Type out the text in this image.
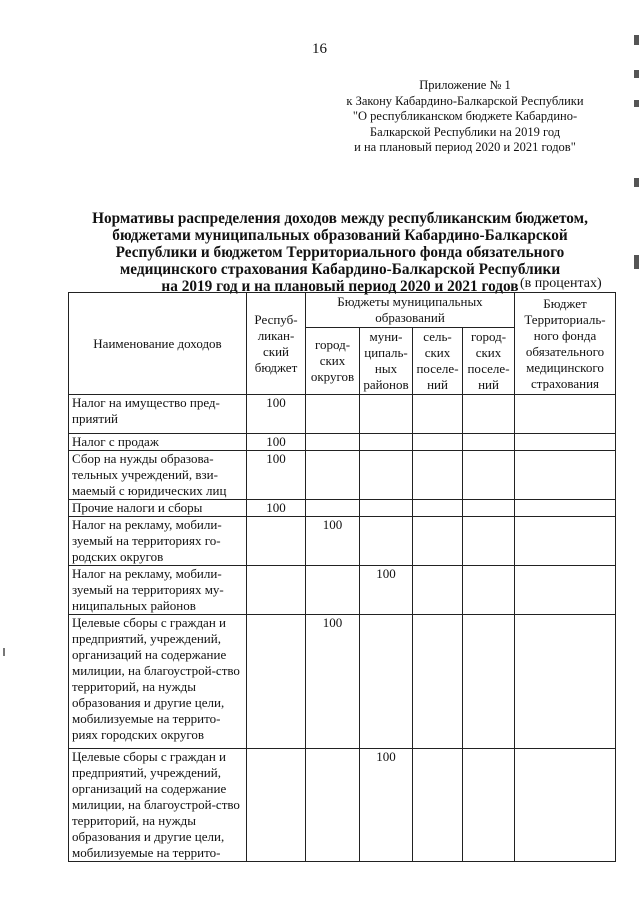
16
Приложение № 1
к Закону Кабардино-Балкарской Республики
"О республиканском бюджете Кабардино-
Балкарской Республики на 2019 год
и на плановый период 2020 и 2021 годов"
Нормативы распределения доходов между республиканским бюджетом,
бюджетами муниципальных образований Кабардино-Балкарской
Республики и бюджетом Территориального фонда обязательного
медицинского страхования Кабардино-Балкарской Республики
на 2019 год и на плановый период 2020 и 2021 годов (в процентах)
Наименование доходов	Респуб-ликан-ский бюджет	Бюджеты муниципальных образований				Бюджет Территориаль-ного фонда обязательного медицинского страхования
		город-ских округов	муни-ципаль-ных районов	сель-ских поселе-ний	город-ских поселе-ний	
Налог на имущество пред-приятий	100					
Налог с продаж	100					
Сбор на нужды образова-тельных учреждений, взи-маемый с юридических лиц	100					
Прочие налоги и сборы	100					
Налог на рекламу, мобили-зуемый на территориях го-родских округов		100				
Налог на рекламу, мобили-зуемый на территориях му-ниципальных районов			100			
Целевые сборы с граждан и предприятий, учреждений, организаций на содержание милиции, на благоустрой-ство территорий, на нужды образования и другие цели, мобилизуемые на террито-риях городских округов		100				
Целевые сборы с граждан и предприятий, учреждений, организаций на содержание милиции, на благоустрой-ство территорий, на нужды образования и другие цели, мобилизуемые на террито-			100			
